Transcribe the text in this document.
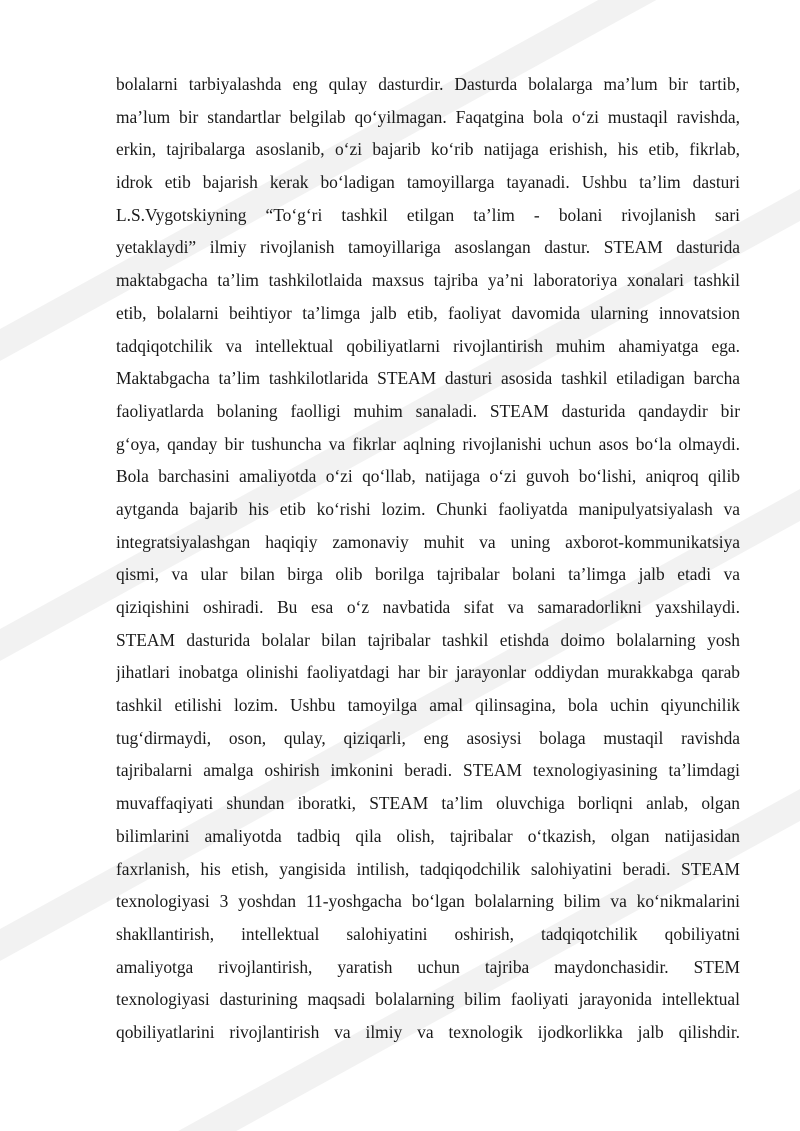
bolalarni tarbiyalashda eng qulay dasturdir. Dasturda bolalarga ma’lum bir tartib,
ma’lum bir standartlar belgilab qo‘yilmagan. Faqatgina bola o‘zi mustaqil ravishda,
erkin, tajribalarga asoslanib, o‘zi bajarib ko‘rib natijaga erishish, his etib, fikrlab,
idrok etib bajarish kerak bo‘ladigan tamoyillarga tayanadi. Ushbu ta’lim dasturi
L.S.Vygotskiyning “To‘g‘ri tashkil etilgan ta’lim - bolani rivojlanish sari
yetaklaydi” ilmiy rivojlanish tamoyillariga asoslangan dastur. STEAM dasturida
maktabgacha ta’lim tashkilotlaida maxsus tajriba ya’ni laboratoriya xonalari tashkil
etib, bolalarni beihtiyor ta’limga jalb etib, faoliyat davomida ularning innovatsion
tadqiqotchilik va intellektual qobiliyatlarni rivojlantirish muhim ahamiyatga ega.
Maktabgacha ta’lim tashkilotlarida STEAM dasturi asosida tashkil etiladigan barcha
faoliyatlarda bolaning faolligi muhim sanaladi. STEAM dasturida qandaydir bir
g‘oya, qanday bir tushuncha va fikrlar aqlning rivojlanishi uchun asos bo‘la olmaydi.
Bola barchasini amaliyotda o‘zi qo‘llab, natijaga o‘zi guvoh bo‘lishi, aniqroq qilib
aytganda bajarib his etib ko‘rishi lozim. Chunki faoliyatda manipulyatsiyalash va
integratsiyalashgan haqiqiy zamonaviy muhit va uning axborot-kommunikatsiya
qismi, va ular bilan birga olib borilga tajribalar bolani ta’limga jalb etadi va
qiziqishini oshiradi. Bu esa o‘z navbatida sifat va samaradorlikni yaxshilaydi.
STEAM dasturida bolalar bilan tajribalar tashkil etishda doimo bolalarning yosh
jihatlari inobatga olinishi faoliyatdagi har bir jarayonlar oddiydan murakkabga qarab
tashkil etilishi lozim. Ushbu tamoyilga amal qilinsagina, bola uchin qiyunchilik
tug‘dirmaydi, oson, qulay, qiziqarli, eng asosiysi bolaga mustaqil ravishda
tajribalarni amalga oshirish imkonini beradi. STEAM texnologiyasining ta’limdagi
muvaffaqiyati shundan iboratki, STEAM ta’lim oluvchiga borliqni anlab, olgan
bilimlarini amaliyotda tadbiq qila olish, tajribalar o‘tkazish, olgan natijasidan
faxrlanish, his etish, yangisida intilish, tadqiqodchilik salohiyatini beradi. STEAM
texnologiyasi 3 yoshdan 11-yoshgacha bo‘lgan bolalarning bilim va ko‘nikmalarini
shakllantirish, intellektual salohiyatini oshirish, tadqiqotchilik qobiliyatni
amaliyotga rivojlantirish, yaratish uchun tajriba maydonchasidir. STEM
texnologiyasi dasturining maqsadi bolalarning bilim faoliyati jarayonida intellektual
qobiliyatlarini rivojlantirish va ilmiy va texnologik ijodkorlikka jalb qilishdir.
